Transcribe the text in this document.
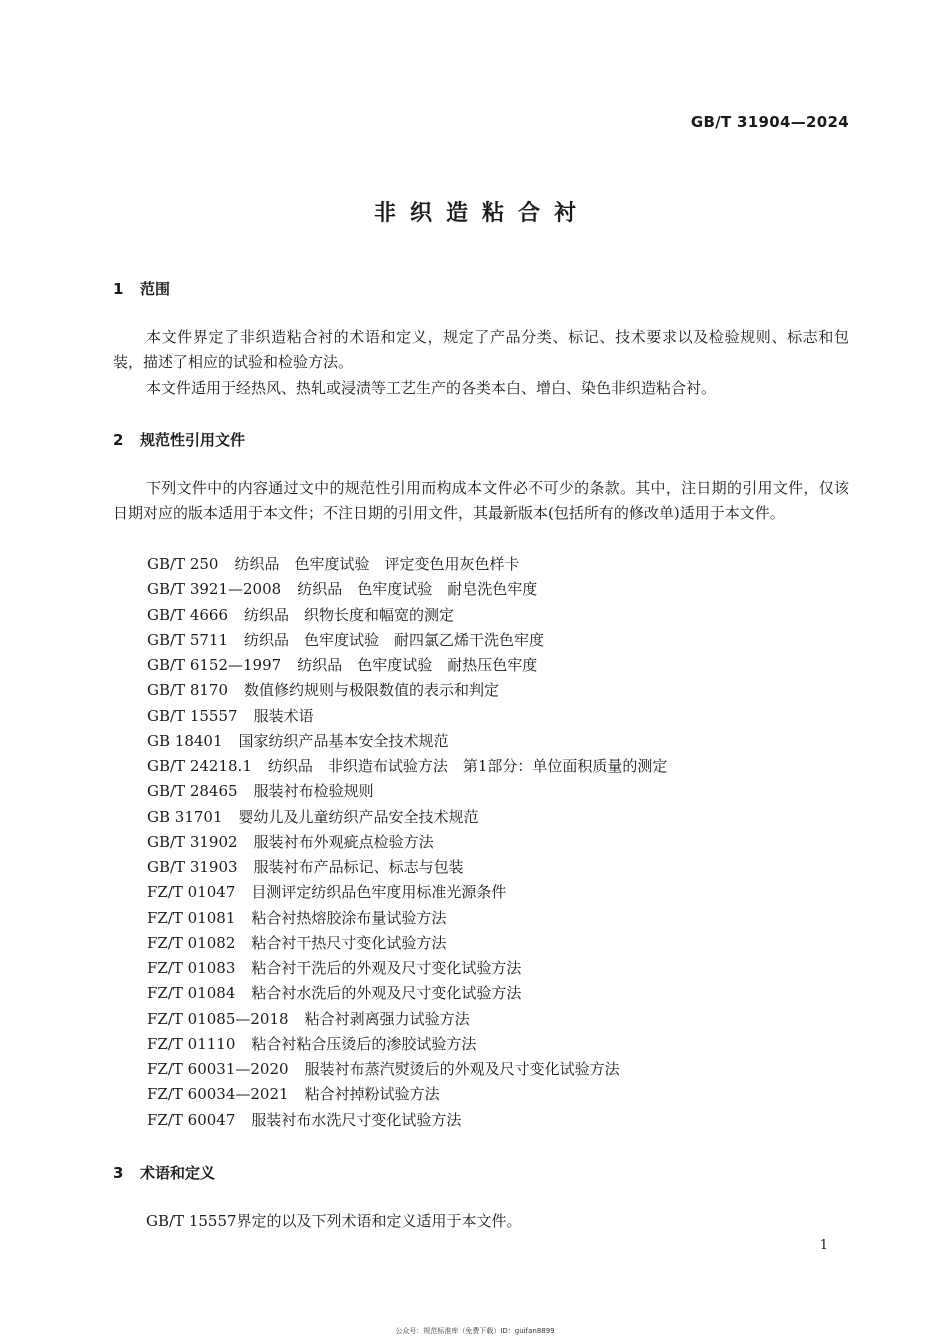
GB/T 31904—2024
非织造粘合衬
1 范围

本文件界定了非织造粘合衬的术语和定义，规定了产品分类、标记、技术要求以及检验规则、标志和包装，描述了相应的试验和检验方法。

本文件适用于经热风、热轧或浸渍等工艺生产的各类本白、增白、染色非织造粘合衬。

2 规范性引用文件

下列文件中的内容通过文中的规范性引用而构成本文件必不可少的条款。其中，注日期的引用文件，仅该日期对应的版本适用于本文件；不注日期的引用文件，其最新版本(包括所有的修改单)适用于本文件。

GB/T 250 纺织品　色牢度试验　评定变色用灰色样卡
GB/T 3921—2008 纺织品　色牢度试验　耐皂洗色牢度
GB/T 4666 纺织品　织物长度和幅宽的测定
GB/T 5711 纺织品　色牢度试验　耐四氯乙烯干洗色牢度
GB/T 6152—1997 纺织品　色牢度试验　耐热压色牢度
GB/T 8170 数值修约规则与极限数值的表示和判定
GB/T 15557 服装术语
GB 18401 国家纺织产品基本安全技术规范
GB/T 24218.1 纺织品　非织造布试验方法　第1部分：单位面积质量的测定
GB/T 28465 服装衬布检验规则
GB 31701 婴幼儿及儿童纺织产品安全技术规范
GB/T 31902 服装衬布外观疵点检验方法
GB/T 31903 服装衬布产品标记、标志与包装
FZ/T 01047 目测评定纺织品色牢度用标准光源条件
FZ/T 01081 粘合衬热熔胶涂布量试验方法
FZ/T 01082 粘合衬干热尺寸变化试验方法
FZ/T 01083 粘合衬干洗后的外观及尺寸变化试验方法
FZ/T 01084 粘合衬水洗后的外观及尺寸变化试验方法
FZ/T 01085—2018 粘合衬剥离强力试验方法
FZ/T 01110 粘合衬粘合压烫后的渗胶试验方法
FZ/T 60031—2020 服装衬布蒸汽熨烫后的外观及尺寸变化试验方法
FZ/T 60034—2021 粘合衬掉粉试验方法
FZ/T 60047 服装衬布水洗尺寸变化试验方法
3 术语和定义

GB/T 15557界定的以及下列术语和定义适用于本文件。

1
公众号：规范标准库（免费下载）ID：guifan8899
